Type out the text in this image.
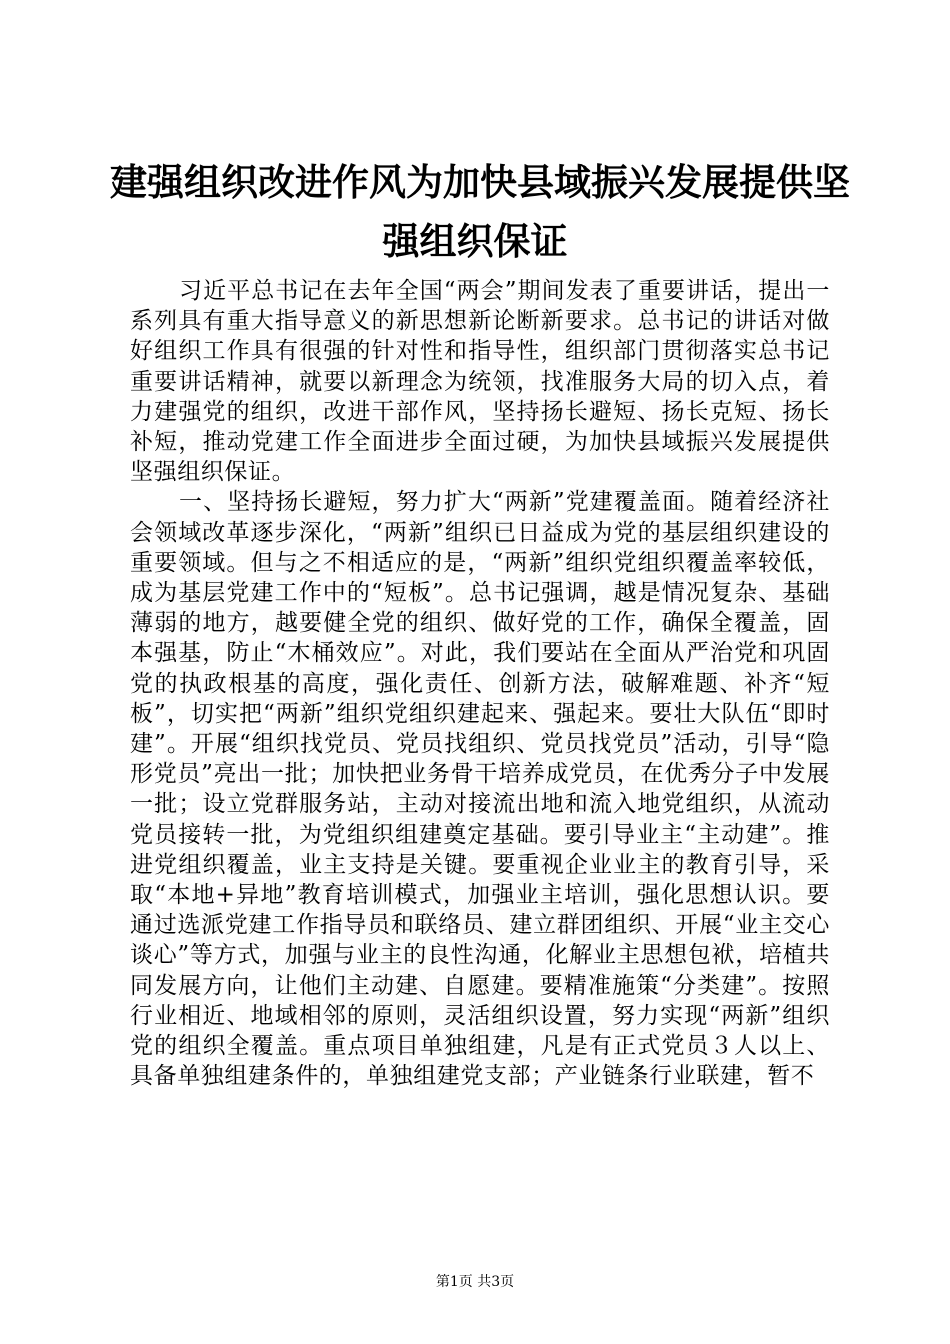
建强组织改进作风为加快县域振兴发展提供坚
强组织保证

习近平总书记在去年全国“两会”期间发表了重要讲话，提出一系列具有重大指导意义的新思想新论断新要求。总书记的讲话对做好组织工作具有很强的针对性和指导性，组织部门贯彻落实总书记重要讲话精神，就要以新理念为统领，找准服务大局的切入点，着力建强党的组织，改进干部作风，坚持扬长避短、扬长克短、扬长补短，推动党建工作全面进步全面过硬，为加快县域振兴发展提供坚强组织保证。

一、坚持扬长避短，努力扩大“两新”党建覆盖面。随着经济社会领域改革逐步深化，“两新”组织已日益成为党的基层组织建设的重要领域。但与之不相适应的是，“两新”组织党组织覆盖率较低，成为基层党建工作中的“短板”。总书记强调，越是情况复杂、基础薄弱的地方，越要健全党的组织、做好党的工作，确保全覆盖，固本强基，防止“木桶效应”。对此，我们要站在全面从严治党和巩固党的执政根基的高度，强化责任、创新方法，破解难题、补齐“短板”，切实把“两新”组织党组织建起来、强起来。要壮大队伍“即时建”。开展“组织找党员、党员找组织、党员找党员”活动，引导“隐形党员”亮出一批；加快把业务骨干培养成党员，在优秀分子中发展一批；设立党群服务站，主动对接流出地和流入地党组织，从流动党员接转一批，为党组织组建奠定基础。要引导业主“主动建”。推进党组织覆盖，业主支持是关键。要重视企业业主的教育引导，采取“本地+异地”教育培训模式，加强业主培训，强化思想认识。要通过选派党建工作指导员和联络员、建立群团组织、开展“业主交心谈心”等方式，加强与业主的良性沟通，化解业主思想包袱，培植共同发展方向，让他们主动建、自愿建。要精准施策“分类建”。按照行业相近、地域相邻的原则，灵活组织设置，努力实现“两新”组织党的组织全覆盖。重点项目单独组建，凡是有正式党员３人以上、具备单独组建条件的，单独组建党支部；产业链条行业联建，暂不

第1页 共3页
